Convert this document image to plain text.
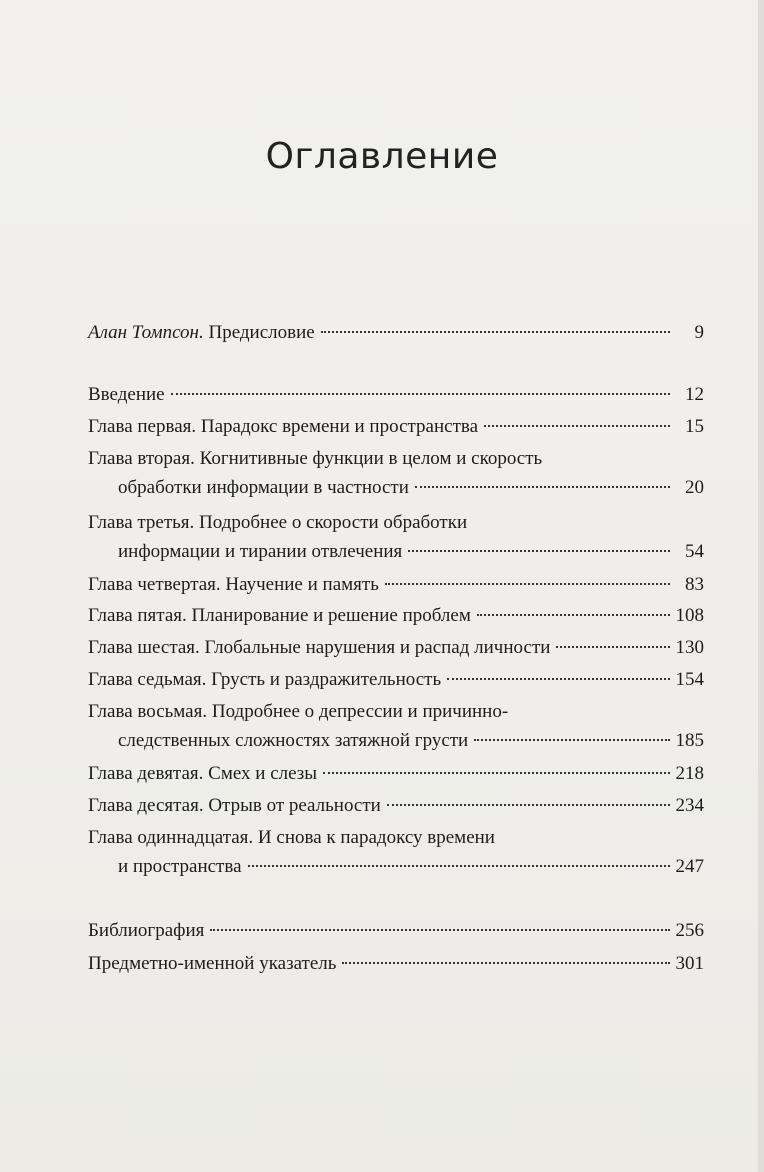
Оглавление
Алан Томпсон. Предисловие	9
Введение	12
Глава первая. Парадокс времени и пространства	15
Глава вторая. Когнитивные функции в целом и скорость
обработки информации в частности	20
Глава третья. Подробнее о скорости обработки
информации и тирании отвлечения	54
Глава четвертая. Научение и память	83
Глава пятая. Планирование и решение проблем	108
Глава шестая. Глобальные нарушения и распад личности	130
Глава седьмая. Грусть и раздражительность	154
Глава восьмая. Подробнее о депрессии и причинно-
следственных сложностях затяжной грусти	185
Глава девятая. Смех и слезы	218
Глава десятая. Отрыв от реальности	234
Глава одиннадцатая. И снова к парадоксу времени
и пространства	247
Библиография	256
Предметно-именной указатель	301
